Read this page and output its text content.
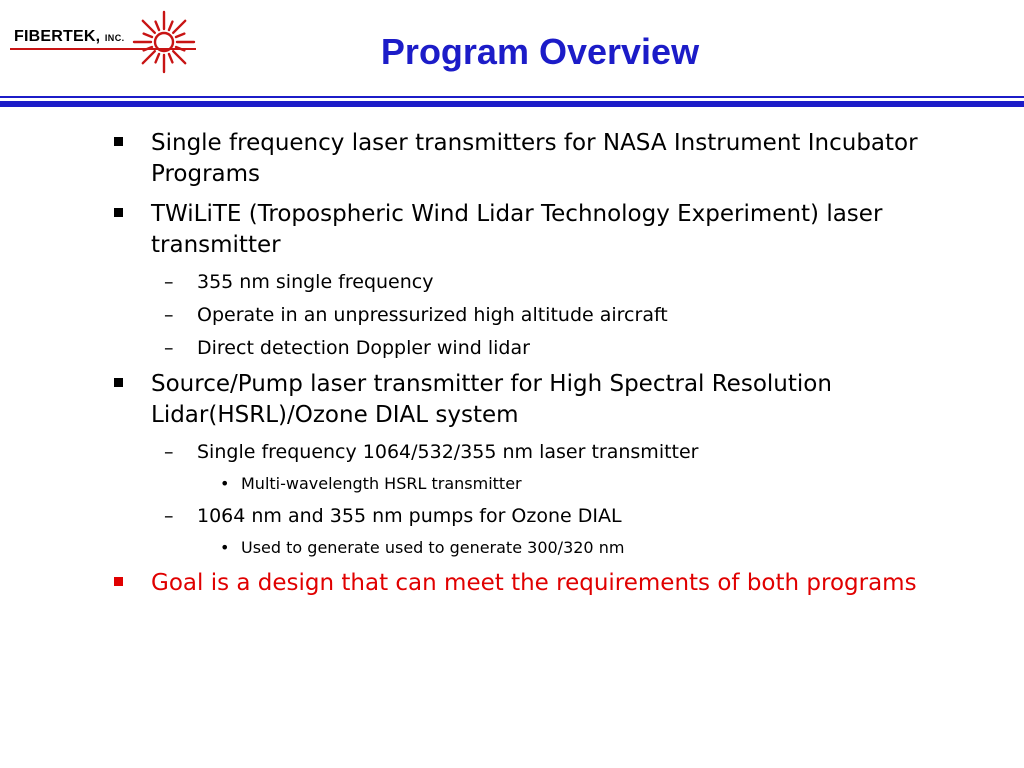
FIBERTEK, INC.	Program Overview
Single frequency laser transmitters for NASA Instrument Incubator Programs
TWiLiTE (Tropospheric Wind Lidar Technology Experiment) laser transmitter
– 355 nm single frequency
– Operate in an unpressurized high altitude aircraft
– Direct detection Doppler wind lidar
Source/Pump laser transmitter for High Spectral Resolution Lidar(HSRL)/Ozone DIAL system
– Single frequency 1064/532/355 nm laser transmitter
• Multi-wavelength HSRL transmitter
– 1064 nm and 355 nm pumps for Ozone DIAL
• Used to generate used to generate 300/320 nm
Goal is a design that can meet the requirements of both programs
